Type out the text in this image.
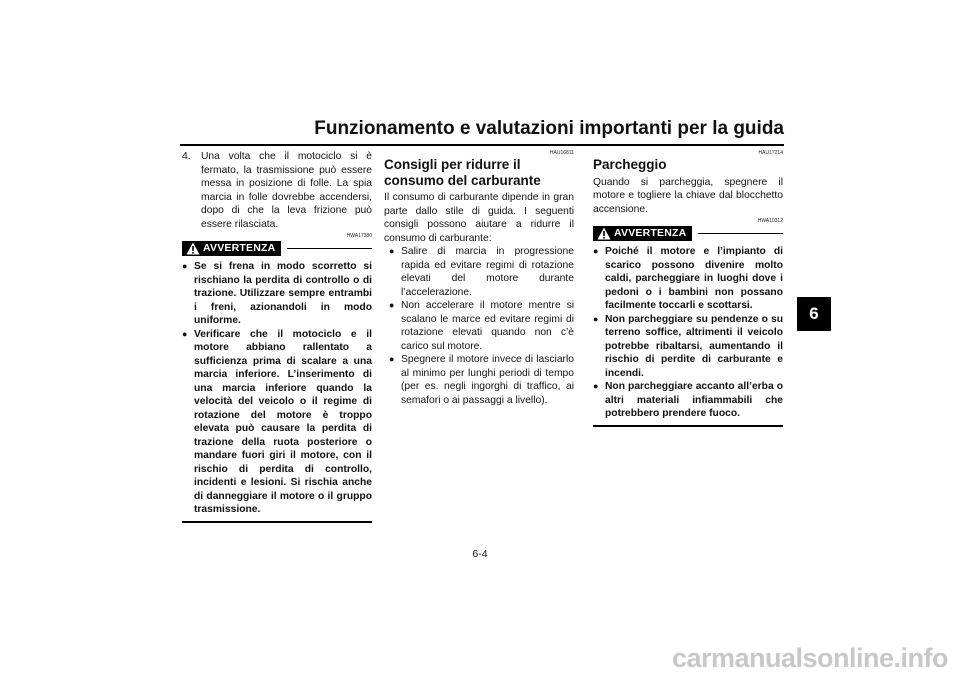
Funzionamento e valutazioni importanti per la guida
6
4.	Una volta che il motociclo si è fermato, la trasmissione può essere messa in posizione di folle. La spia marcia in folle dovrebbe accendersi, dopo di che la leva frizione può essere rilasciata.
HWA17380
AVVERTENZA
● Se si frena in modo scorretto si rischiano la perdita di controllo o di trazione. Utilizzare sempre entrambi i freni, azionandoli in modo uniforme.
● Verificare che il motociclo e il motore abbiano rallentato a sufficienza prima di scalare a una marcia inferiore. L’inserimento di una marcia inferiore quando la velocità del veicolo o il regime di rotazione del motore è troppo elevata può causare la perdita di trazione della ruota posteriore o mandare fuori giri il motore, con il rischio di perdita di controllo, incidenti e lesioni. Si rischia anche di danneggiare il motore o il gruppo trasmissione.
HAU16811
Consigli per ridurre il consumo del carburante
Il consumo di carburante dipende in gran parte dallo stile di guida. I seguenti consigli possono aiutare a ridurre il consumo di carburante:
● Salire di marcia in progressione rapida ed evitare regimi di rotazione elevati del motore durante l’accelerazione.
● Non accelerare il motore mentre si scalano le marce ed evitare regimi di rotazione elevati quando non c’è carico sul motore.
● Spegnere il motore invece di lasciarlo al minimo per lunghi periodi di tempo (per es. negli ingorghi di traffico, ai semafori o ai passaggi a livello).
HAU17214
Parcheggio
Quando si parcheggia, spegnere il motore e togliere la chiave dal blocchetto accensione.
HWA10312
AVVERTENZA
● Poiché il motore e l’impianto di scarico possono divenire molto caldi, parcheggiare in luoghi dove i pedoni o i bambini non possano facilmente toccarli e scottarsi.
● Non parcheggiare su pendenze o su terreno soffice, altrimenti il veicolo potrebbe ribaltarsi, aumentando il rischio di perdite di carburante e incendi.
● Non parcheggiare accanto all’erba o altri materiali infiammabili che potrebbero prendere fuoco.
6-4
carmanualsonline.info
